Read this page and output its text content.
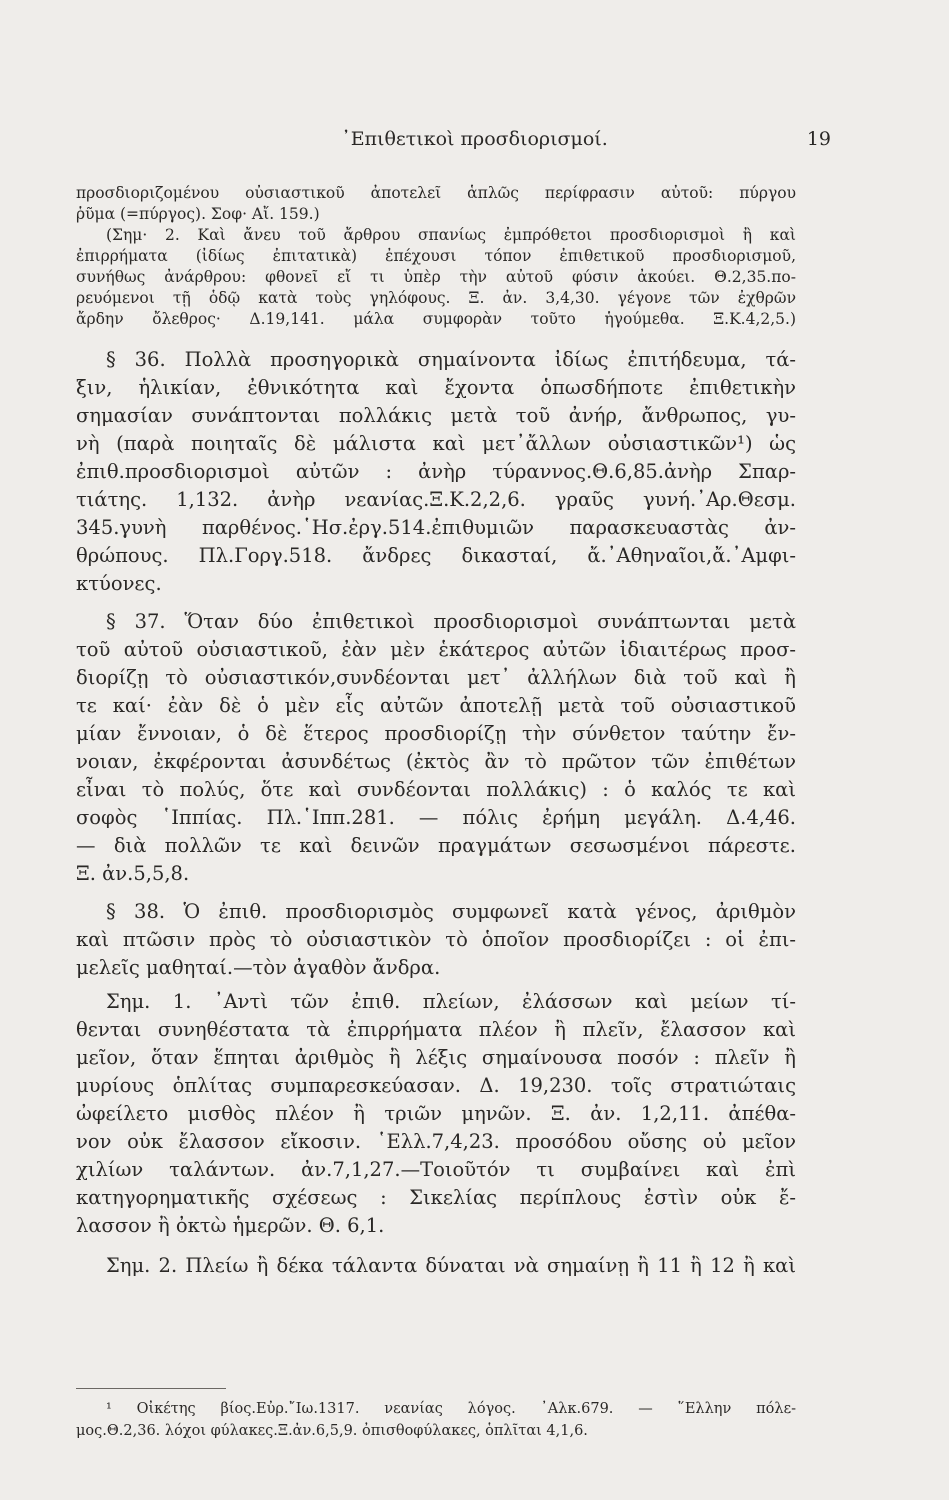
᾿Επιθετικοὶ προσδιορισμοί.	19
προσδιοριζομένου οὐσιαστικοῦ ἀποτελεῖ ἁπλῶς περίφρασιν αὐτοῦ: πύργου
ῥῦμα (=πύργος). Σοφ· Αἴ. 159.)
(Σημ· 2. Καὶ ἄνευ τοῦ ἄρθρου σπανίως ἐμπρόθετοι προσδιορισμοὶ ἢ καὶ
ἐπιρρήματα (ἰδίως ἐπιτατικὰ) ἐπέχουσι τόπον ἐπιθετικοῦ προσδιορισμοῦ,
συνήθως ἀνάρθρου: φθονεῖ εἴ τι ὑπὲρ τὴν αὐτοῦ φύσιν ἀκούει. Θ.2,35.πο-
ρευόμενοι τῇ ὁδῷ κατὰ τοὺς γηλόφους. Ξ. ἀν. 3,4,30. γέγονε τῶν ἐχθρῶν
ἄρδην ὄλεθρος· Δ.19,141. μάλα συμφορὰν τοῦτο ἡγούμεθα. Ξ.Κ.4,2,5.)
§ 36. Πολλὰ προσηγορικὰ σημαίνοντα ἰδίως ἐπιτήδευμα, τά-
ξιν, ἡλικίαν, ἐθνικότητα καὶ ἔχοντα ὁπωσδήποτε ἐπιθετικὴν
σημασίαν συνάπτονται πολλάκις μετὰ τοῦ ἀνήρ, ἄνθρωπος, γυ-
νὴ (παρὰ ποιηταῖς δὲ μάλιστα καὶ μετ᾿ἄλλων οὐσιαστικῶν¹) ὡς
ἐπιθ.προσδιορισμοὶ αὐτῶν : ἀνὴρ τύραννος.Θ.6,85.ἀνὴρ Σπαρ-
τιάτης. 1,132. ἀνὴρ νεανίας.Ξ.Κ.2,2,6. γραῦς γυνή.᾿Αρ.Θεσμ.
345.γυνὴ παρθένος.῾Ησ.ἐργ.514.ἐπιθυμιῶν παρασκευαστὰς ἀν-
θρώπους. Πλ.Γοργ.518. ἄνδρες δικασταί, ἄ.᾿Αθηναῖοι,ἄ.᾿Αμφι-
κτύονες.
§ 37. Ὅταν δύο ἐπιθετικοὶ προσδιορισμοὶ συνάπτωνται μετὰ
τοῦ αὐτοῦ οὐσιαστικοῦ, ἐὰν μὲν ἑκάτερος αὐτῶν ἰδιαιτέρως προσ-
διορίζῃ τὸ οὐσιαστικόν,συνδέονται μετ᾿ ἀλλήλων διὰ τοῦ καὶ ἢ
τε καί· ἐὰν δὲ ὁ μὲν εἷς αὐτῶν ἀποτελῇ μετὰ τοῦ οὐσιαστικοῦ
μίαν ἔννοιαν, ὁ δὲ ἕτερος προσδιορίζῃ τὴν σύνθετον ταύτην ἔν-
νοιαν, ἐκφέρονται ἀσυνδέτως (ἐκτὸς ἂν τὸ πρῶτον τῶν ἐπιθέτων
εἶναι τὸ πολύς, ὅτε καὶ συνδέονται πολλάκις) : ὁ καλός τε καὶ
σοφὸς ῾Ιππίας. Πλ.῾Ιππ.281. — πόλις ἐρήμη μεγάλη. Δ.4,46.
— διὰ πολλῶν τε καὶ δεινῶν πραγμάτων σεσωσμένοι πάρεστε.
Ξ. ἀν.5,5,8.
§ 38. Ὁ ἐπιθ. προσδιορισμὸς συμφωνεῖ κατὰ γένος, ἀριθμὸν
καὶ πτῶσιν πρὸς τὸ οὐσιαστικὸν τὸ ὁποῖον προσδιορίζει : οἱ ἐπι-
μελεῖς μαθηταί.—τὸν ἀγαθὸν ἄνδρα.
Σημ. 1. ᾿Αντὶ τῶν ἐπιθ. πλείων, ἐλάσσων καὶ μείων τί-
θενται συνηθέστατα τὰ ἐπιρρήματα πλέον ἢ πλεῖν, ἔλασσον καὶ
μεῖον, ὅταν ἕπηται ἀριθμὸς ἢ λέξις σημαίνουσα ποσόν : πλεῖν ἢ
μυρίους ὁπλίτας συμπαρεσκεύασαν. Δ. 19,230. τοῖς στρατιώταις
ὠφείλετο μισθὸς πλέον ἢ τριῶν μηνῶν. Ξ. ἀν. 1,2,11. ἀπέθα-
νον οὐκ ἔλασσον εἴκοσιν. ῾Ελλ.7,4,23. προσόδου οὔσης οὐ μεῖον
χιλίων ταλάντων. ἀν.7,1,27.—Τοιοῦτόν τι συμβαίνει καὶ ἐπὶ
κατηγορηματικῆς σχέσεως : Σικελίας περίπλους ἐστὶν οὐκ ἔ-
λασσον ἢ ὀκτὼ ἡμερῶν. Θ. 6,1.
Σημ. 2. Πλείω ἢ δέκα τάλαντα δύναται νὰ σημαίνῃ ἢ 11 ἢ 12 ἢ καὶ
¹ Οἰκέτης βίος.Εὐρ.῎Ιω.1317. νεανίας λόγος. ᾿Αλκ.679. — ῞Ελλην πόλε-
μος.Θ.2,36. λόχοι φύλακες.Ξ.ἀν.6,5,9. ὀπισθοφύλακες, ὁπλῖται 4,1,6.
